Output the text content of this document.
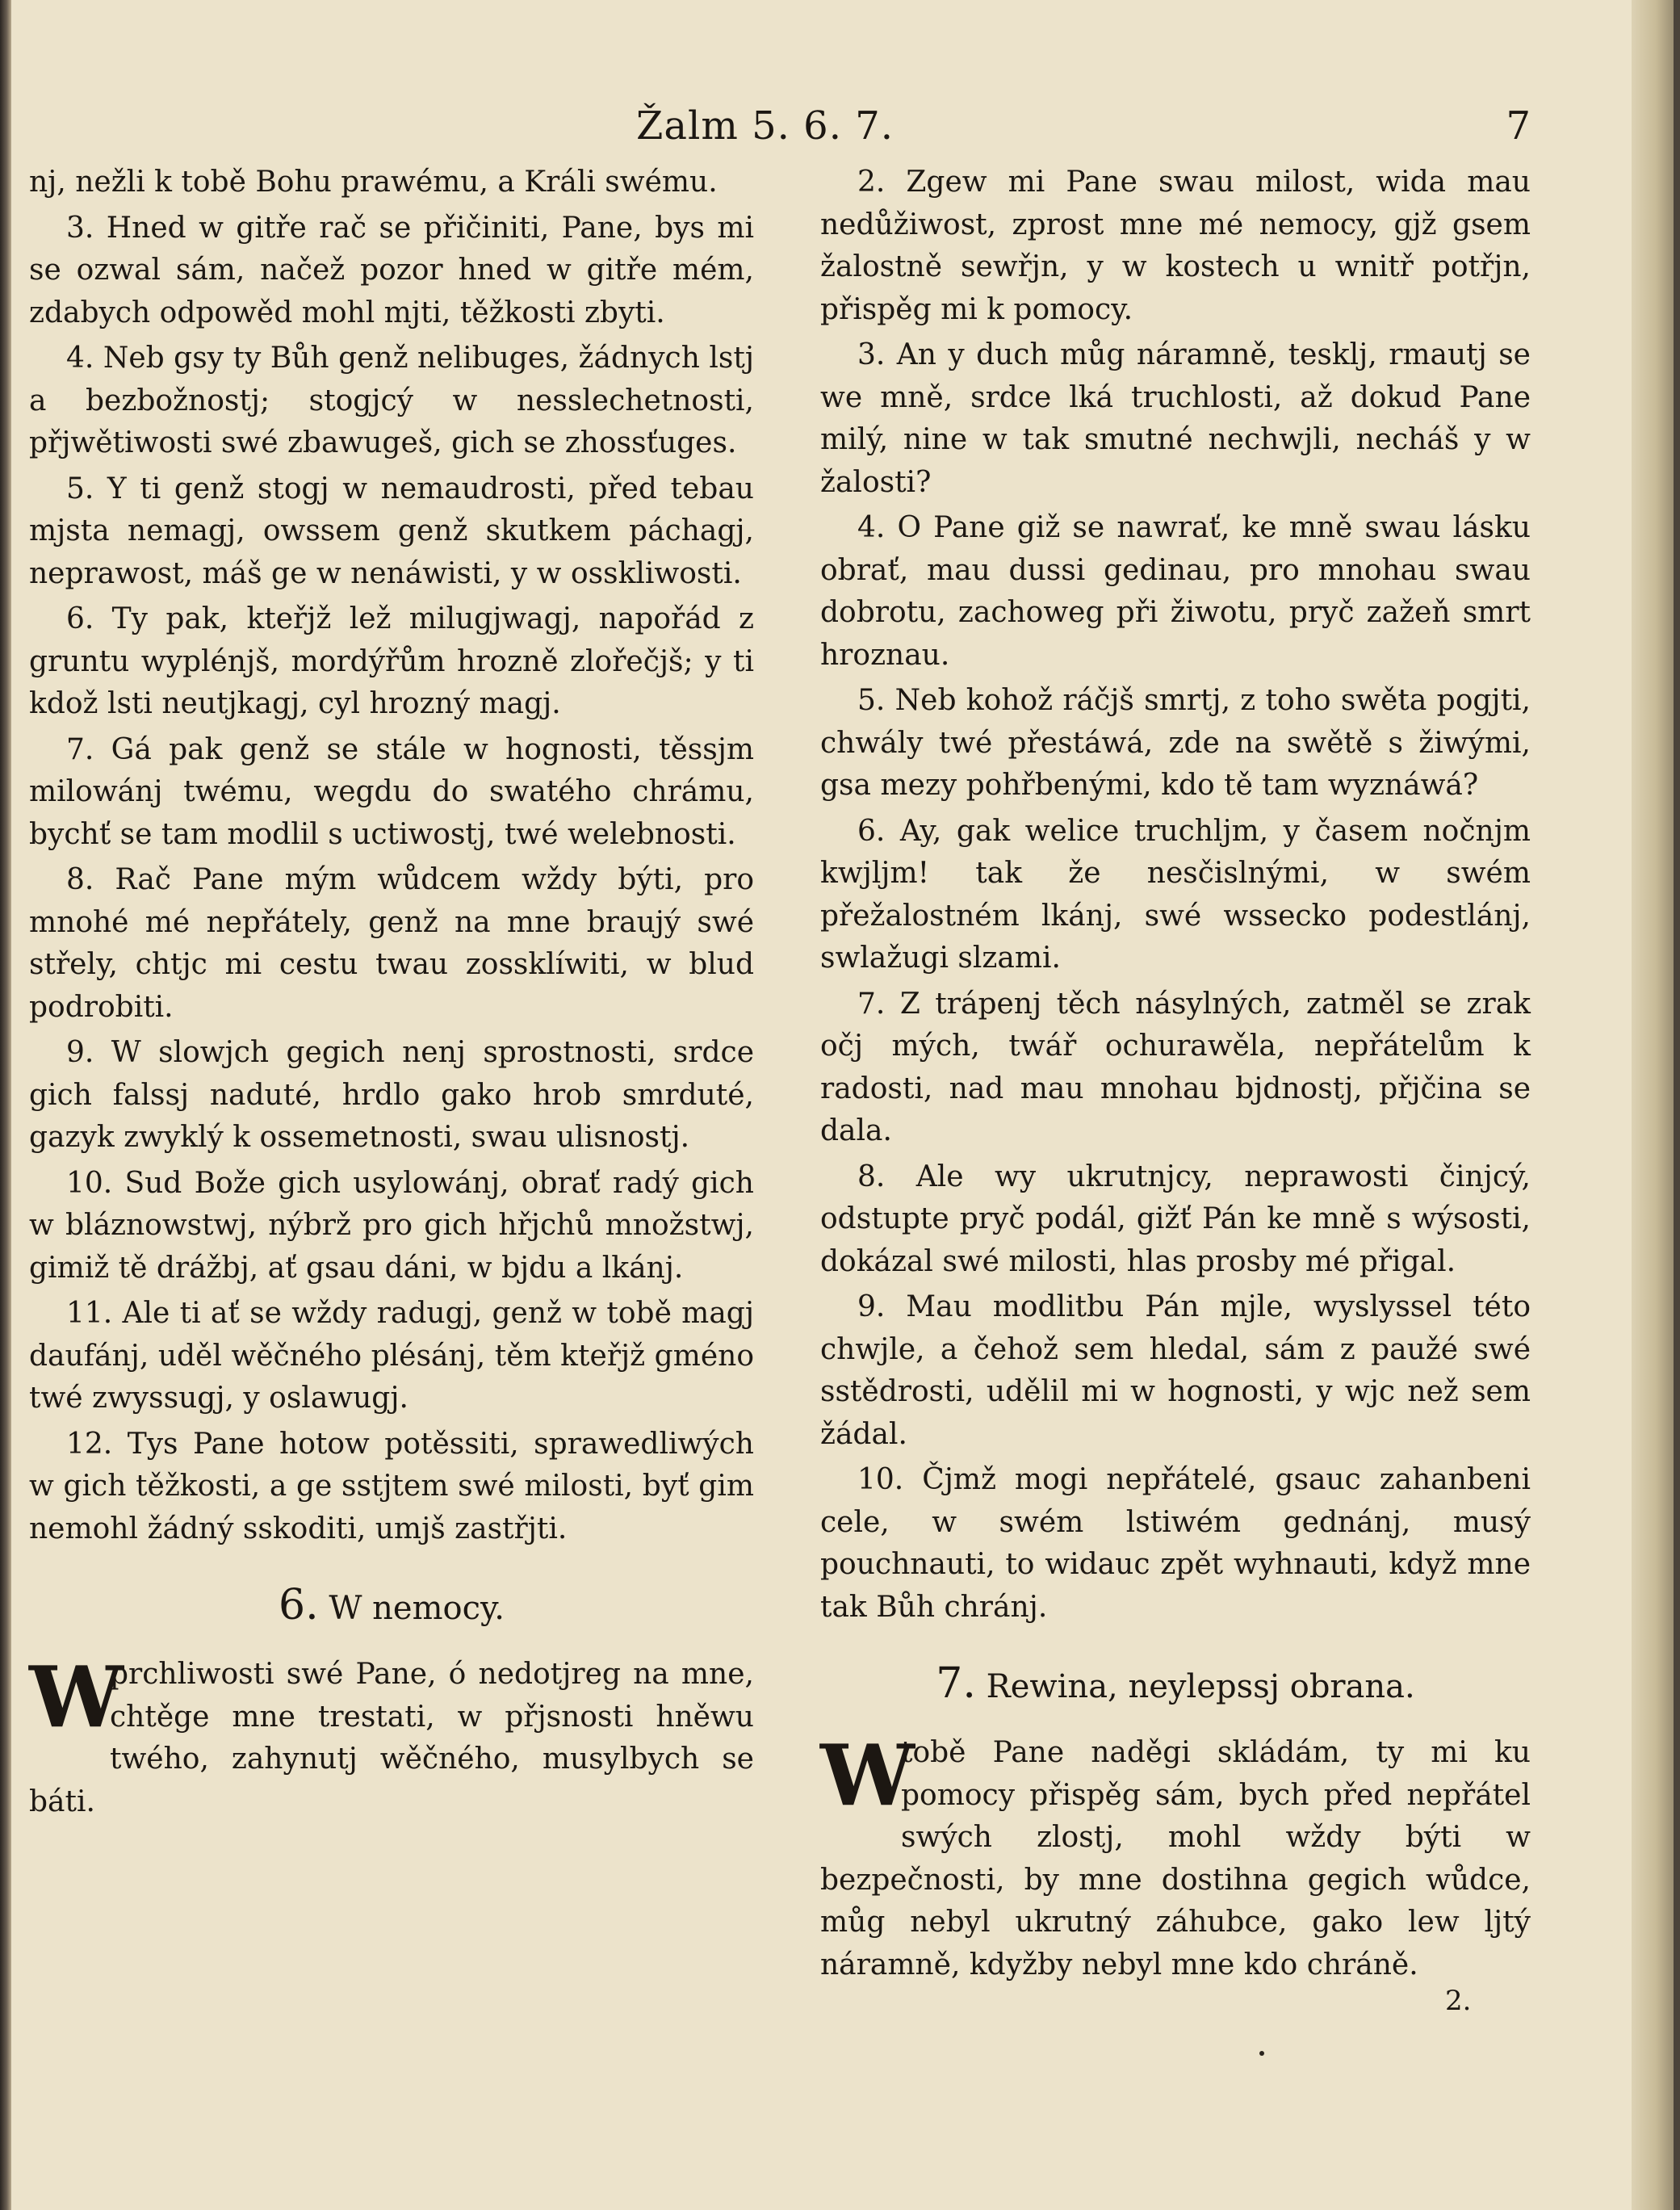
Žalm 5. 6. 7.	7

nj, nežli k tobě Bohu prawému, a Králi swému.

3. Hned w gitře rač se přičiniti, Pane, bys mi se ozwal sám, načež pozor hned w gitře mém, zdabych odpowěd mohl mjti, těžkosti zbyti.

4. Neb gsy ty Bůh genž nelibuges, žádnych lstj a bezbožnostj; stogjcý w nesslechetnosti, přjwětiwosti swé zbawugeš, gich se zhossťuges.

5. Y ti genž stogj w nemaudrosti, před tebau mjsta nemagj, owssem genž skutkem páchagj, neprawost, máš ge w nenáwisti, y w osskliwosti.

6. Ty pak, kteřjž lež milugjwagj, napořád z gruntu wyplénjš, mordýřům hrozně zlořečjš; y ti kdož lsti neutjkagj, cyl hrozný magj.

7. Gá pak genž se stále w hognosti, těssjm milowánj twému, wegdu do swatého chrámu, bychť se tam modlil s uctiwostj, twé welebnosti.

8. Rač Pane mým wůdcem wždy býti, pro mnohé mé nepřátely, genž na mne braujý swé střely, chtjc mi cestu twau zossklíwiti, w blud podrobiti.

9. W slowjch gegich nenj sprostnosti, srdce gich falssj naduté, hrdlo gako hrob smrduté, gazyk zwyklý k ossemetnosti, swau ulisnostj.

10. Sud Bože gich usylowánj, obrať radý gich w bláznowstwj, nýbrž pro gich hřjchů množstwj, gimiž tě drážbj, ať gsau dáni, w bjdu a lkánj.

11. Ale ti ať se wždy radugj, genž w tobě magj daufánj, uděl wěčného plésánj, těm kteřjž gméno twé zwyssugj, y oslawugj.

12. Tys Pane hotow potěssiti, sprawedliwých w gich těžkosti, a ge sstjtem swé milosti, byť gim nemohl žádný sskoditi, umjš zastřjti.

6. W nemocy.
W

prchliwosti swé Pane, ó nedotjreg na mne, chtěge mne trestati, w přjsnosti hněwu twého, zahynutj wěčného, musylbych se báti.

2. Zgew mi Pane swau milost, wida mau nedůžiwost, zprost mne mé nemocy, gjž gsem žalostně sewřjn, y w kostech u wnitř potřjn, přispěg mi k pomocy.

3. An y duch můg náramně, tesklj, rmautj se we mně, srdce lká truchlosti, až dokud Pane milý, nine w tak smutné nechwjli, necháš y w žalosti?

4. O Pane giž se nawrať, ke mně swau lásku obrať, mau dussi gedinau, pro mnohau swau dobrotu, zachoweg při žiwotu, pryč zažeň smrt hroznau.

5. Neb kohož ráčjš smrtj, z toho swěta pogjti, chwály twé přestáwá, zde na swětě s žiwými, gsa mezy pohřbenými, kdo tě tam wyznáwá?

6. Ay, gak welice truchljm, y časem nočnjm kwjljm! tak že nesčislnými, w swém přežalostném lkánj, swé wssecko podestlánj, swlažugi slzami.

7. Z trápenj těch násylných, zatměl se zrak očj mých, twář ochurawěla, nepřátelům k radosti, nad mau mnohau bjdnostj, přjčina se dala.

8. Ale wy ukrutnjcy, neprawosti činjcý, odstupte pryč podál, gižť Pán ke mně s wýsosti, dokázal swé milosti, hlas prosby mé přigal.

9. Mau modlitbu Pán mjle, wyslyssel této chwjle, a čehož sem hledal, sám z paužé swé sstědrosti, udělil mi w hognosti, y wjc než sem žádal.

10. Čjmž mogi nepřátelé, gsauc zahanbeni cele, w swém lstiwém gednánj, musý pouchnauti, to widauc zpět wyhnauti, když mne tak Bůh chránj.

7. Rewina, neylepssj obrana.
W

tobě Pane naděgi skládám, ty mi ku pomocy přispěg sám, bych před nepřátel swých zlostj, mohl wždy býti w bezpečnosti, by mne dostihna gegich wůdce, můg nebyl ukrutný záhubce, gako lew ljtý náramně, kdyžby nebyl mne kdo chráně.

2.
